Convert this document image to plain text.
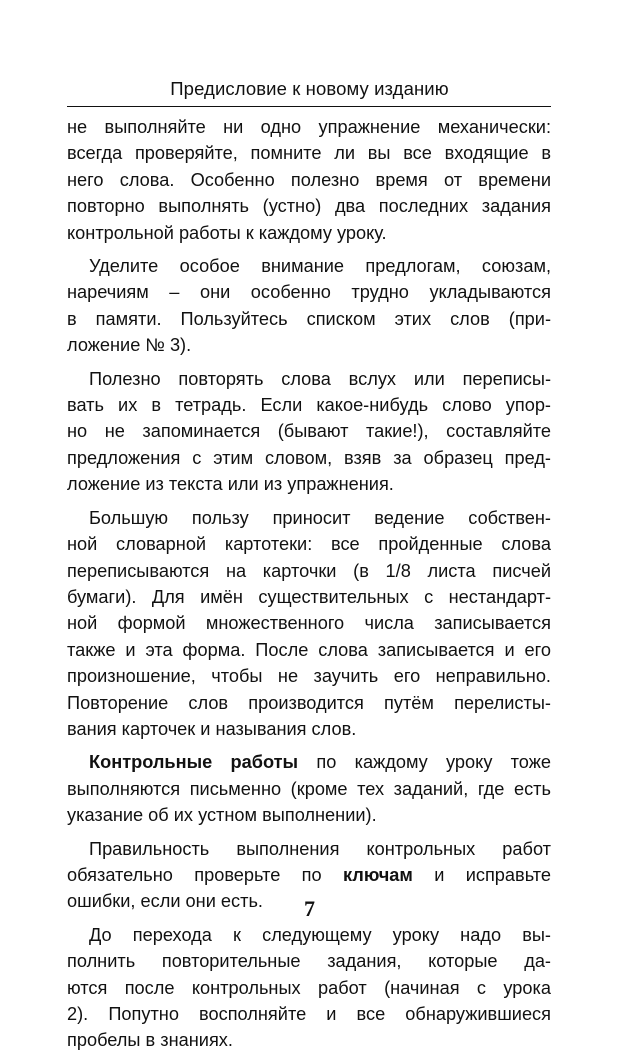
Предисловие к новому изданию
не выполняйте ни одно упражнение механически:
всегда проверяйте, помните ли вы все входящие в
него слова. Особенно полезно время от времени
повторно выполнять (устно) два последних задания
контрольной работы к каждому уроку.
Уделите особое внимание предлогам, союзам,
наречиям – они особенно трудно укладываются
в памяти. Пользуйтесь списком этих слов (при-
ложение № 3).
Полезно повторять слова вслух или переписы-
вать их в тетрадь. Если какое-нибудь слово упор-
но не запоминается (бывают такие!), составляйте
предложения с этим словом, взяв за образец пред-
ложение из текста или из упражнения.
Большую пользу приносит ведение собствен-
ной словарной картотеки: все пройденные слова
переписываются на карточки (в 1/8 листа писчей
бумаги). Для имён существительных с нестандарт-
ной формой множественного числа записывается
также и эта форма. После слова записывается и его
произношение, чтобы не заучить его неправильно.
Повторение слов производится путём перелисты-
вания карточек и называния слов.
Контрольные работы по каждому уроку тоже
выполняются письменно (кроме тех заданий, где есть
указание об их устном выполнении).
Правильность выполнения контрольных работ
обязательно проверьте по ключам и исправьте
ошибки, если они есть.
До перехода к следующему уроку надо вы-
полнить повторительные задания, которые да-
ются после контрольных работ (начиная с урока
2). Попутно восполняйте и все обнаружившиеся
пробелы в знаниях.
7
